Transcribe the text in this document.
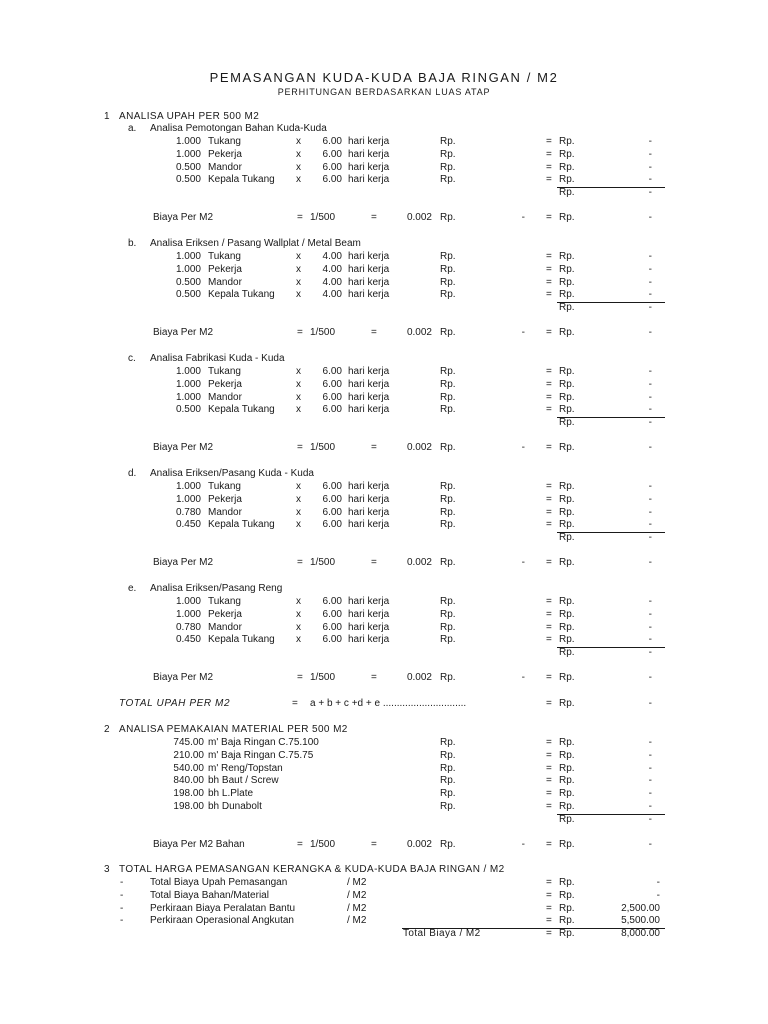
PEMASANGAN KUDA-KUDA BAJA RINGAN / M2
PERHITUNGAN BERDASARKAN LUAS ATAP
1 ANALISA UPAH PER 500 M2
a. Analisa Pemotongan Bahan Kuda-Kuda
1.000 Tukang	x	6.00 hari kerja	Rp.	= Rp.	-
1.000 Pekerja	x	6.00 hari kerja	Rp.	= Rp.	-
0.500 Mandor	x	6.00 hari kerja	Rp.	= Rp.	-
0.500 Kepala Tukang x	6.00 hari kerja	Rp.	= Rp.	-
Rp.	-
Biaya Per M2	= 1/500	=	0.002 Rp.	- = Rp.	-
b. Analisa Eriksen / Pasang Wallplat / Metal Beam
1.000 Tukang	x	4.00 hari kerja	Rp.	= Rp.	-
1.000 Pekerja	x	4.00 hari kerja	Rp.	= Rp.	-
0.500 Mandor	x	4.00 hari kerja	Rp.	= Rp.	-
0.500 Kepala Tukang x	4.00 hari kerja	Rp.	= Rp.	-
Rp.	-
Biaya Per M2	= 1/500	=	0.002 Rp.	- = Rp.	-
c. Analisa Fabrikasi Kuda - Kuda
1.000 Tukang	x	6.00 hari kerja	Rp.	= Rp.	-
1.000 Pekerja	x	6.00 hari kerja	Rp.	= Rp.	-
1.000 Mandor	x	6.00 hari kerja	Rp.	= Rp.	-
0.500 Kepala Tukang x	6.00 hari kerja	Rp.	= Rp.	-
Rp.	-
Biaya Per M2	= 1/500	=	0.002 Rp.	- = Rp.	-
d. Analisa Eriksen/Pasang Kuda - Kuda
1.000 Tukang	x	6.00 hari kerja	Rp.	= Rp.	-
1.000 Pekerja	x	6.00 hari kerja	Rp.	= Rp.	-
0.780 Mandor	x	6.00 hari kerja	Rp.	= Rp.	-
0.450 Kepala Tukang x	6.00 hari kerja	Rp.	= Rp.	-
Rp.	-
Biaya Per M2	= 1/500	=	0.002 Rp.	- = Rp.	-
e. Analisa Eriksen/Pasang Reng
1.000 Tukang	x	6.00 hari kerja	Rp.	= Rp.	-
1.000 Pekerja	x	6.00 hari kerja	Rp.	= Rp.	-
0.780 Mandor	x	6.00 hari kerja	Rp.	= Rp.	-
0.450 Kepala Tukang x	6.00 hari kerja	Rp.	= Rp.	-
Rp.	-
Biaya Per M2	= 1/500	=	0.002 Rp.	- = Rp.	-
TOTAL UPAH PER M2	= a + b + c +d + e ..............................	= Rp.	-
2 ANALISA PEMAKAIAN MATERIAL PER 500 M2
745.00 m' Baja Ringan C.75.100	Rp.	= Rp.	-
210.00 m' Baja Ringan C.75.75	Rp.	= Rp.	-
540.00 m' Reng/Topstan	Rp.	= Rp.	-
840.00 bh Baut / Screw	Rp.	= Rp.	-
198.00 bh L.Plate	Rp.	= Rp.	-
198.00 bh Dunabolt	Rp.	= Rp.	-
Rp.	-
Biaya Per M2 Bahan	= 1/500	=	0.002 Rp.	- = Rp.	-
3 TOTAL HARGA PEMASANGAN KERANGKA & KUDA-KUDA BAJA RINGAN / M2
-	Total Biaya Upah Pemasangan	/ M2	= Rp.	-
-	Total Biaya Bahan/Material	/ M2	= Rp.	-
-	Perkiraan Biaya Peralatan Bantu	/ M2	= Rp.	2,500.00
-	Perkiraan Operasional Angkutan	/ M2	= Rp.	5,500.00
Total Biaya / M2	= Rp.	8,000.00
